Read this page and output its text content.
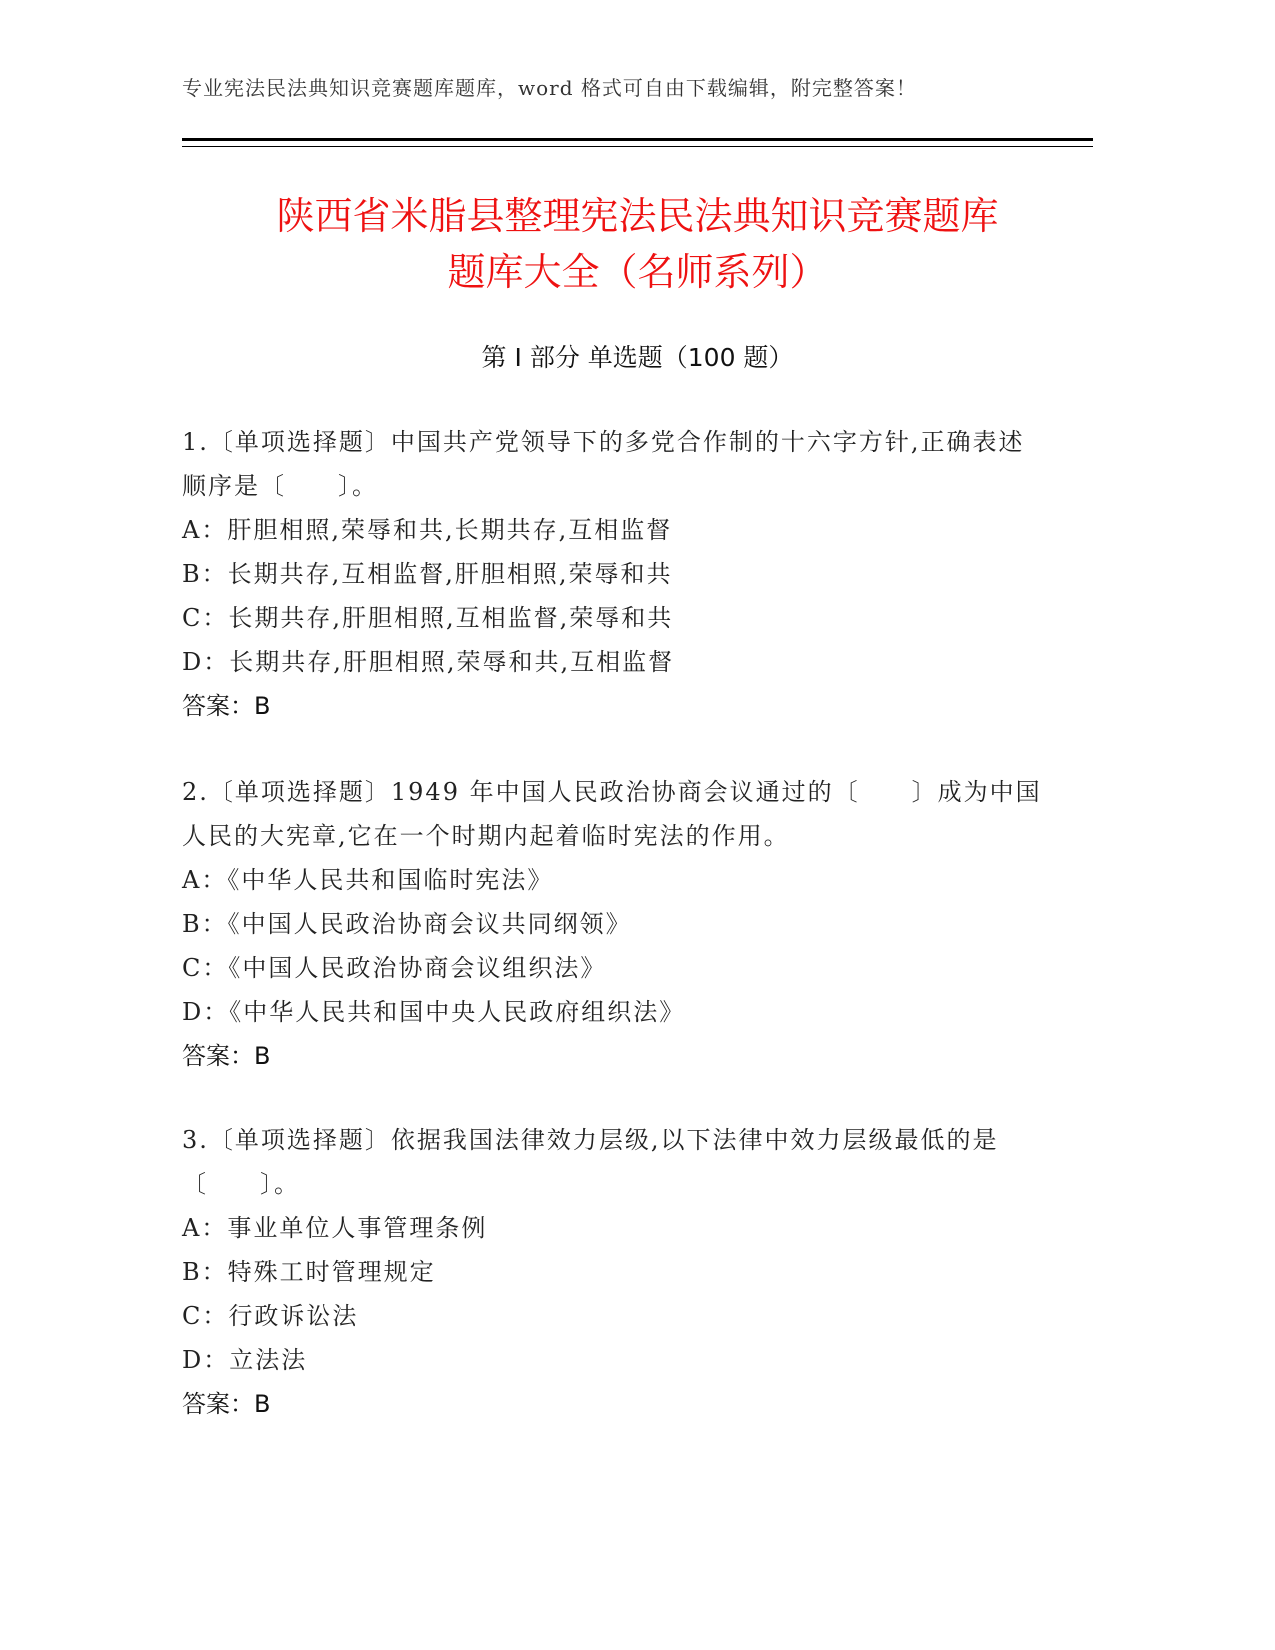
专业宪法民法典知识竞赛题库题库，word 格式可自由下载编辑，附完整答案！
陕西省米脂县整理宪法民法典知识竞赛题库
题库大全（名师系列）
第 I 部分 单选题（100 题）
1.〔单项选择题〕中国共产党领导下的多党合作制的十六字方针,正确表述顺序是〔　　〕。
A：肝胆相照,荣辱和共,长期共存,互相监督
B：长期共存,互相监督,肝胆相照,荣辱和共
C：长期共存,肝胆相照,互相监督,荣辱和共
D：长期共存,肝胆相照,荣辱和共,互相监督
答案：B
2.〔单项选择题〕1949 年中国人民政治协商会议通过的〔　　〕成为中国人民的大宪章,它在一个时期内起着临时宪法的作用。
A：《中华人民共和国临时宪法》
B：《中国人民政治协商会议共同纲领》
C：《中国人民政治协商会议组织法》
D：《中华人民共和国中央人民政府组织法》
答案：B
3.〔单项选择题〕依据我国法律效力层级,以下法律中效力层级最低的是〔　　〕。
A：事业单位人事管理条例
B：特殊工时管理规定
C：行政诉讼法
D：立法法
答案：B
